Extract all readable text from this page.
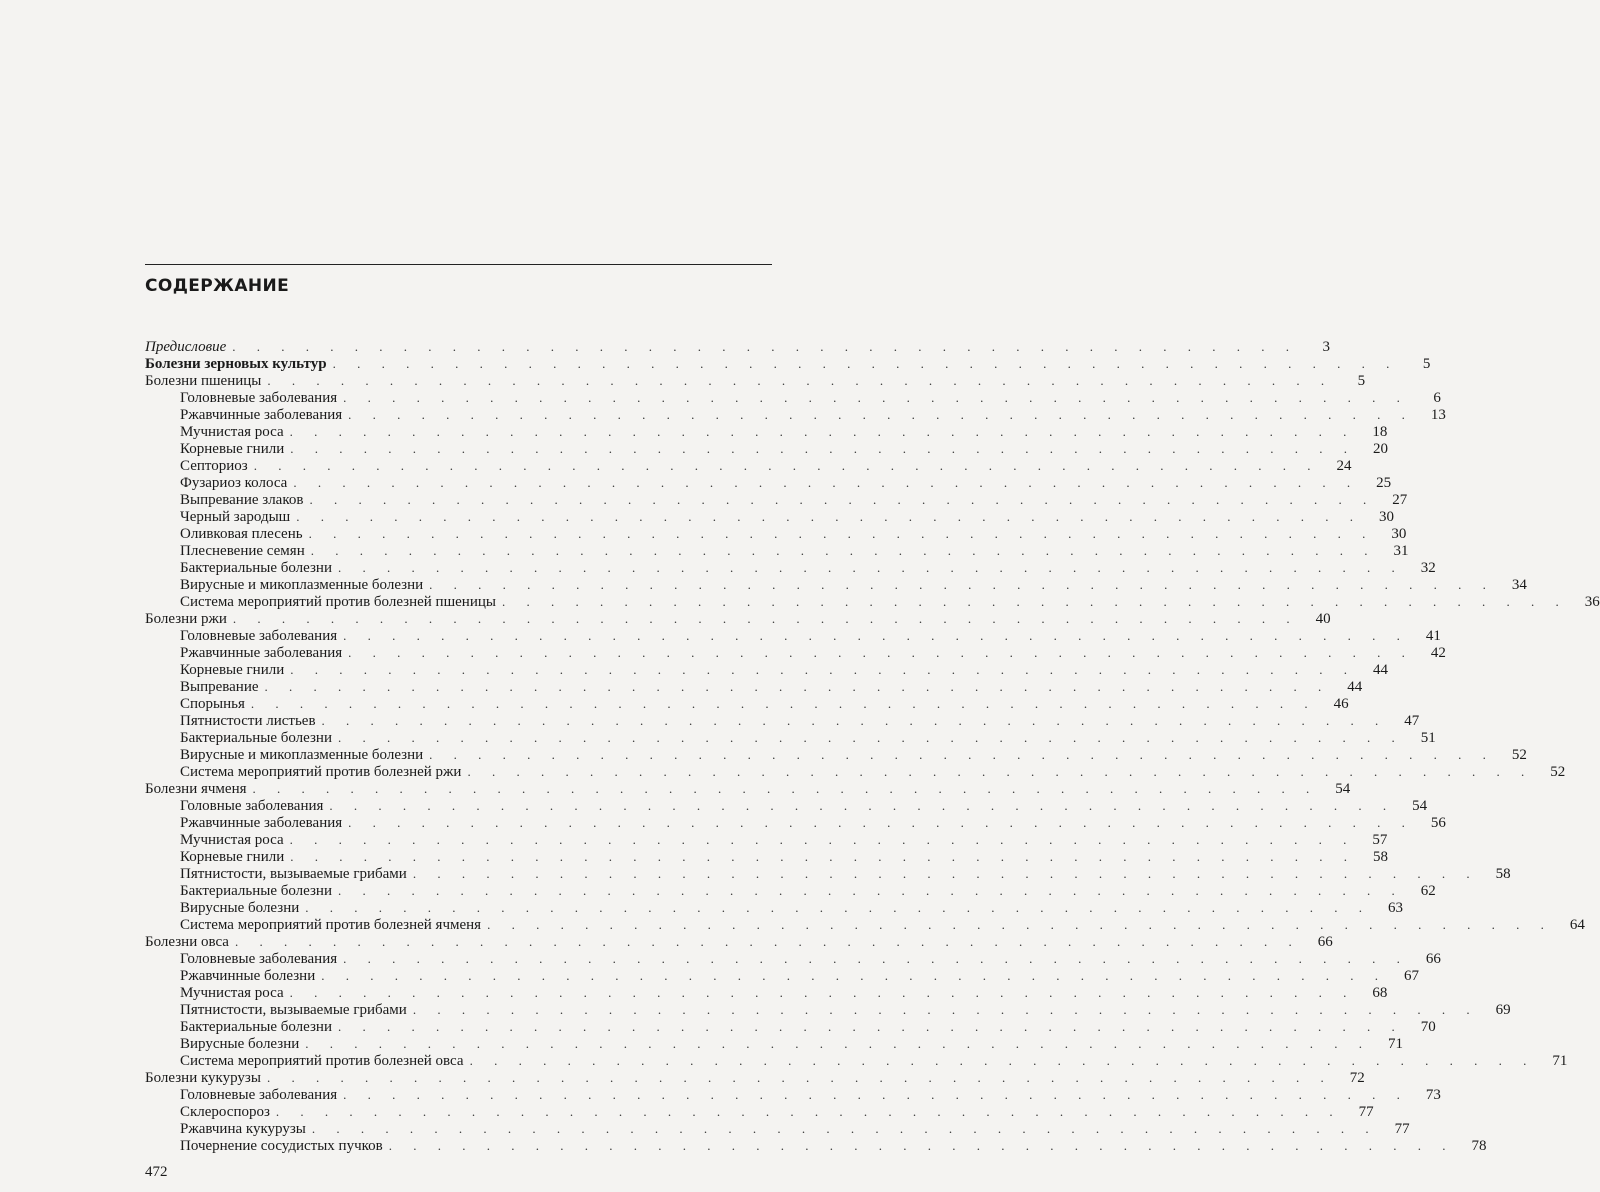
СОДЕРЖАНИЕ
Предисловие . . . . . . . . . . . . . . . . . . . . . . . . . . . . . . . . . . . . . . . . . . . .	3
Болезни зерновых культур . . . . . . . . . . . . . . . . . . . . . . . . . . . . . . . . . . . . . . . . . . . .	5
Болезни пшеницы . . . . . . . . . . . . . . . . . . . . . . . . . . . . . . . . . . . . . . . . . . . .	5
Головневые заболевания . . . . . . . . . . . . . . . . . . . . . . . . . . . . . . . . . . . . . . . . . . . .	6
Ржавчинные заболевания . . . . . . . . . . . . . . . . . . . . . . . . . . . . . . . . . . . . . . . . . . . .	13
Мучнистая роса . . . . . . . . . . . . . . . . . . . . . . . . . . . . . . . . . . . . . . . . . . . .	18
Корневые гнили . . . . . . . . . . . . . . . . . . . . . . . . . . . . . . . . . . . . . . . . . . . .	20
Септориоз . . . . . . . . . . . . . . . . . . . . . . . . . . . . . . . . . . . . . . . . . . . .	24
Фузариоз колоса . . . . . . . . . . . . . . . . . . . . . . . . . . . . . . . . . . . . . . . . . . . .	25
Выпревание злаков . . . . . . . . . . . . . . . . . . . . . . . . . . . . . . . . . . . . . . . . . . . .	27
Черный зародыш . . . . . . . . . . . . . . . . . . . . . . . . . . . . . . . . . . . . . . . . . . . .	30
Оливковая плесень . . . . . . . . . . . . . . . . . . . . . . . . . . . . . . . . . . . . . . . . . . . .	30
Плесневение семян . . . . . . . . . . . . . . . . . . . . . . . . . . . . . . . . . . . . . . . . . . . .	31
Бактериальные болезни . . . . . . . . . . . . . . . . . . . . . . . . . . . . . . . . . . . . . . . . . . . .	32
Вирусные и микоплазменные болезни . . . . . . . . . . . . . . . . . . . . . . . . . . . . . . . . . . . . . . . . . . . .	34
Система мероприятий против болезней пшеницы . . . . . . . . . . . . . . . . . . . . . . . . . . . . . . . . . . . . . . . . . . . .	36
Болезни ржи . . . . . . . . . . . . . . . . . . . . . . . . . . . . . . . . . . . . . . . . . . . .	40
Головневые заболевания . . . . . . . . . . . . . . . . . . . . . . . . . . . . . . . . . . . . . . . . . . . .	41
Ржавчинные заболевания . . . . . . . . . . . . . . . . . . . . . . . . . . . . . . . . . . . . . . . . . . . .	42
Корневые гнили . . . . . . . . . . . . . . . . . . . . . . . . . . . . . . . . . . . . . . . . . . . .	44
Выпревание . . . . . . . . . . . . . . . . . . . . . . . . . . . . . . . . . . . . . . . . . . . .	44
Спорынья . . . . . . . . . . . . . . . . . . . . . . . . . . . . . . . . . . . . . . . . . . . .	46
Пятнистости листьев . . . . . . . . . . . . . . . . . . . . . . . . . . . . . . . . . . . . . . . . . . . .	47
Бактериальные болезни . . . . . . . . . . . . . . . . . . . . . . . . . . . . . . . . . . . . . . . . . . . .	51
Вирусные и микоплазменные болезни . . . . . . . . . . . . . . . . . . . . . . . . . . . . . . . . . . . . . . . . . . . .	52
Система мероприятий против болезней ржи . . . . . . . . . . . . . . . . . . . . . . . . . . . . . . . . . . . . . . . . . . . .	52
Болезни ячменя . . . . . . . . . . . . . . . . . . . . . . . . . . . . . . . . . . . . . . . . . . . .	54
Головные заболевания . . . . . . . . . . . . . . . . . . . . . . . . . . . . . . . . . . . . . . . . . . . .	54
Ржавчинные заболевания . . . . . . . . . . . . . . . . . . . . . . . . . . . . . . . . . . . . . . . . . . . .	56
Мучнистая роса . . . . . . . . . . . . . . . . . . . . . . . . . . . . . . . . . . . . . . . . . . . .	57
Корневые гнили . . . . . . . . . . . . . . . . . . . . . . . . . . . . . . . . . . . . . . . . . . . .	58
Пятнистости, вызываемые грибами . . . . . . . . . . . . . . . . . . . . . . . . . . . . . . . . . . . . . . . . . . . .	58
Бактериальные болезни . . . . . . . . . . . . . . . . . . . . . . . . . . . . . . . . . . . . . . . . . . . .	62
Вирусные болезни . . . . . . . . . . . . . . . . . . . . . . . . . . . . . . . . . . . . . . . . . . . .	63
Система мероприятий против болезней ячменя . . . . . . . . . . . . . . . . . . . . . . . . . . . . . . . . . . . . . . . . . . . .	64
Болезни овса . . . . . . . . . . . . . . . . . . . . . . . . . . . . . . . . . . . . . . . . . . . .	66
Головневые заболевания . . . . . . . . . . . . . . . . . . . . . . . . . . . . . . . . . . . . . . . . . . . .	66
Ржавчинные болезни . . . . . . . . . . . . . . . . . . . . . . . . . . . . . . . . . . . . . . . . . . . .	67
Мучнистая роса . . . . . . . . . . . . . . . . . . . . . . . . . . . . . . . . . . . . . . . . . . . .	68
Пятнистости, вызываемые грибами . . . . . . . . . . . . . . . . . . . . . . . . . . . . . . . . . . . . . . . . . . . .	69
Бактериальные болезни . . . . . . . . . . . . . . . . . . . . . . . . . . . . . . . . . . . . . . . . . . . .	70
Вирусные болезни . . . . . . . . . . . . . . . . . . . . . . . . . . . . . . . . . . . . . . . . . . . .	71
Система мероприятий против болезней овса . . . . . . . . . . . . . . . . . . . . . . . . . . . . . . . . . . . . . . . . . . . .	71
Болезни кукурузы . . . . . . . . . . . . . . . . . . . . . . . . . . . . . . . . . . . . . . . . . . . .	72
Головневые заболевания . . . . . . . . . . . . . . . . . . . . . . . . . . . . . . . . . . . . . . . . . . . .	73
Склероспороз . . . . . . . . . . . . . . . . . . . . . . . . . . . . . . . . . . . . . . . . . . . .	77
Ржавчина кукурузы . . . . . . . . . . . . . . . . . . . . . . . . . . . . . . . . . . . . . . . . . . . .	77
Почернение сосудистых пучков . . . . . . . . . . . . . . . . . . . . . . . . . . . . . . . . . . . . . . . . . . . .	78
472
